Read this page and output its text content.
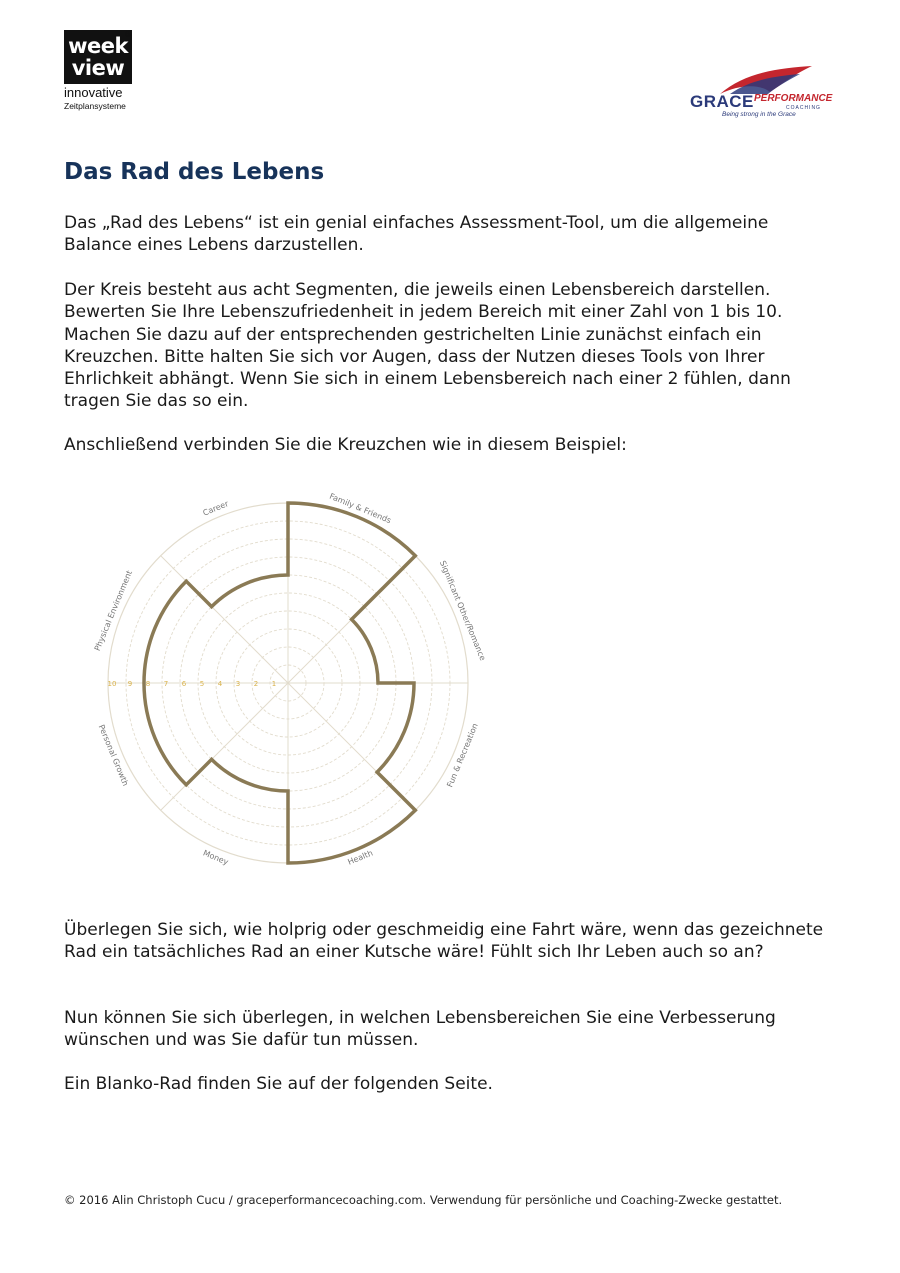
week
view
®
innovative
Zeitplansysteme	GRACE PERFORMANCE
COACHING
Being strong in the Grace
Das Rad des Lebens

Das „Rad des Lebens“ ist ein genial einfaches Assessment-Tool, um die allgemeine Balance eines Lebens darzustellen.

Der Kreis besteht aus acht Segmenten, die jeweils einen Lebensbereich darstellen. Bewerten Sie Ihre Lebenszufriedenheit in jedem Bereich mit einer Zahl von 1 bis 10. Machen Sie dazu auf der entsprechenden gestrichelten Linie zunächst einfach ein Kreuzchen. Bitte halten Sie sich vor Augen, dass der Nutzen dieses Tools von Ihrer Ehrlichkeit abhängt. Wenn Sie sich in einem Lebensbereich nach einer 2 fühlen, dann tragen Sie das so ein.

Anschließend verbinden Sie die Kreuzchen wie in diesem Beispiel:

10 9 8 7 6 5 4 3 2 1
Family & Friends
Significant Other/Romance
Fun & Recreation
Health
Money
Personal Growth
Physical Environment
Career

Überlegen Sie sich, wie holprig oder geschmeidig eine Fahrt wäre, wenn das gezeichnete Rad ein tatsächliches Rad an einer Kutsche wäre! Fühlt sich Ihr Leben auch so an?

Nun können Sie sich überlegen, in welchen Lebensbereichen Sie eine Verbesserung wünschen und was Sie dafür tun müssen.

Ein Blanko-Rad finden Sie auf der folgenden Seite.

© 2016 Alin Christoph Cucu / graceperformancecoaching.com. Verwendung für persönliche und Coaching-Zwecke gestattet.
